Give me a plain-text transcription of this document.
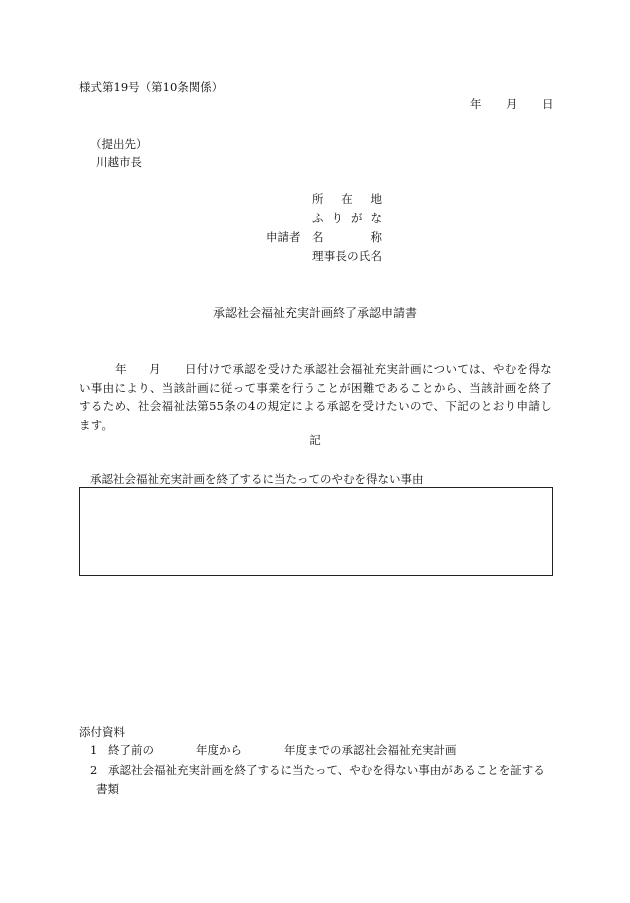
様式第19号（第10条関係）
年 月 日
（提出先）
川越市長
申請者
所　在　地
ふ り が な
名　　　称
理事長の氏名
承認社会福祉充実計画終了承認申請書
年 月 日付けで承認を受けた承認社会福祉充実計画については、やむを得ない事由により、当該計画に従って事業を行うことが困難であることから、当該計画を終了するため、社会福祉法第55条の4の規定による承認を受けたいので、下記のとおり申請します。
記
承認社会福祉充実計画を終了するに当たってのやむを得ない事由
添付資料
1 終了前の	年度から	年度までの承認社会福祉充実計画
2 承認社会福祉充実計画を終了するに当たって、やむを得ない事由があることを証する
書類
